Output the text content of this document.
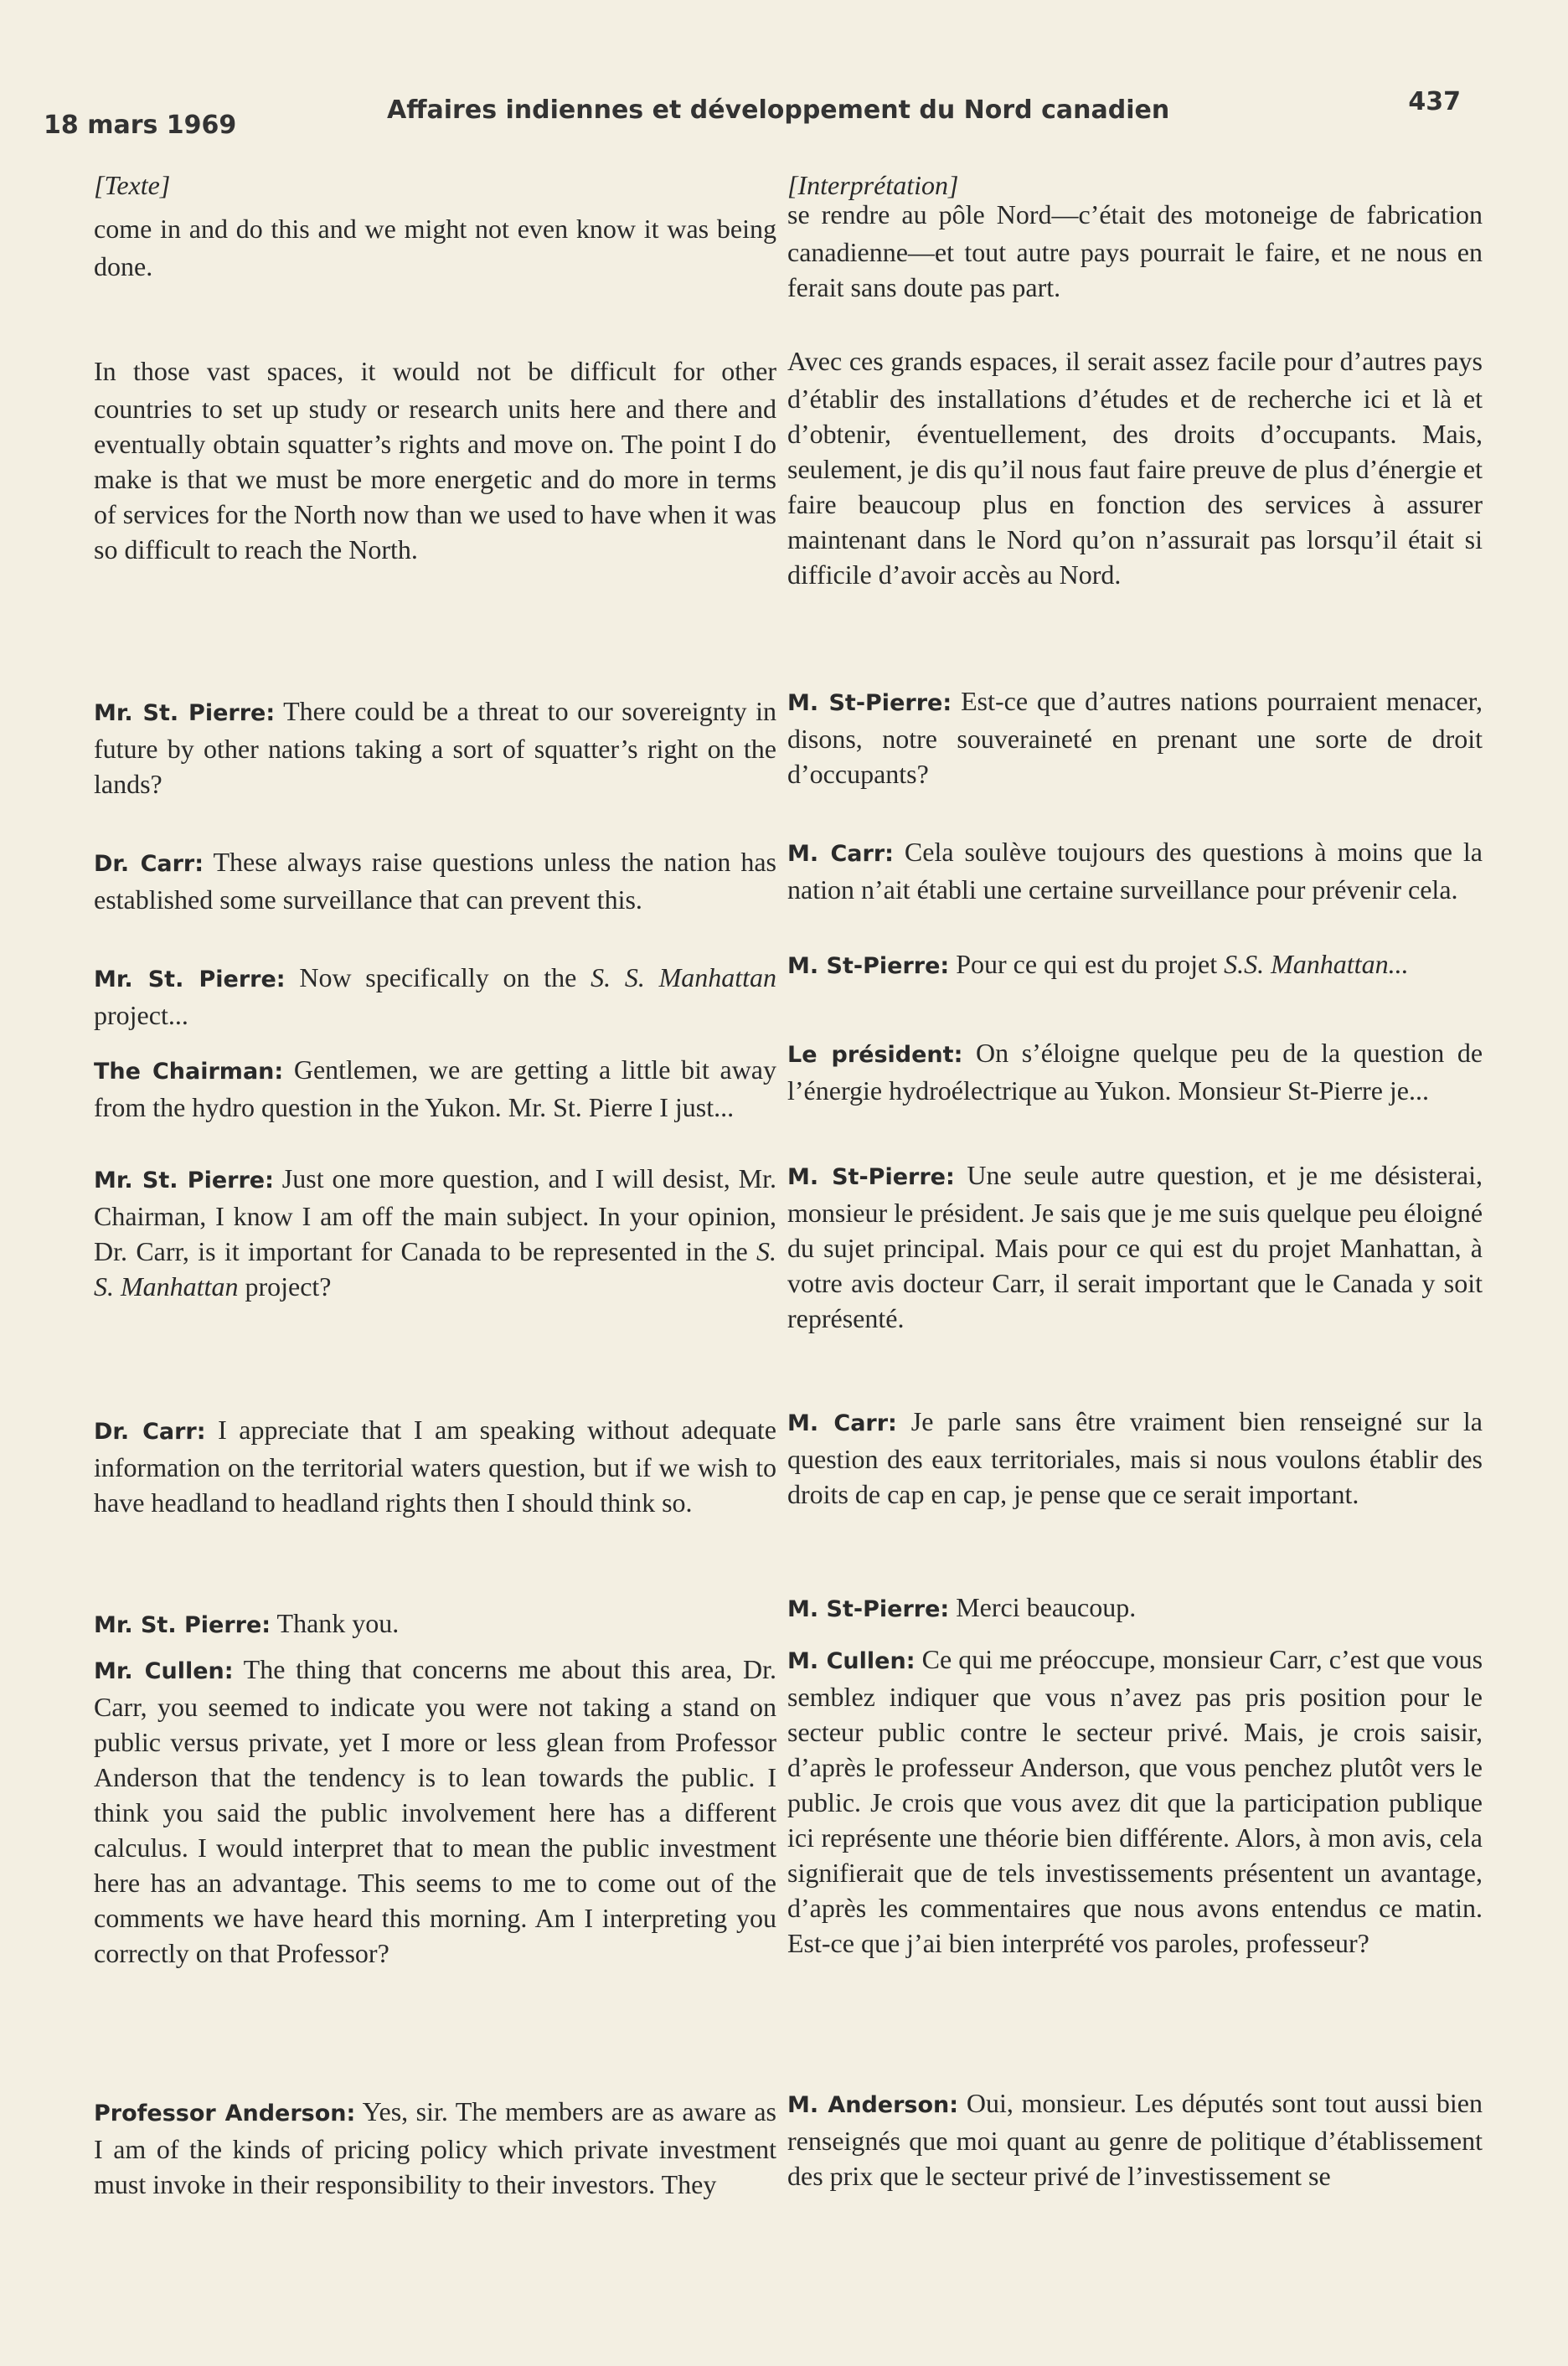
18 mars 1969
Affaires indiennes et développement du Nord canadien	437
[Texte]

come in and do this and we might not even know it was being done.

In those vast spaces, it would not be difficult for other countries to set up study or research units here and there and eventually obtain squatter’s rights and move on. The point I do make is that we must be more energetic and do more in terms of services for the North now than we used to have when it was so difficult to reach the North.

Mr. St. Pierre: There could be a threat to our sovereignty in future by other nations taking a sort of squatter’s right on the lands?

Dr. Carr: These always raise questions unless the nation has established some surveillance that can prevent this.

Mr. St. Pierre: Now specifically on the S. S. Manhattan project...

The Chairman: Gentlemen, we are getting a little bit away from the hydro question in the Yukon. Mr. St. Pierre I just...

Mr. St. Pierre: Just one more question, and I will desist, Mr. Chairman, I know I am off the main subject. In your opinion, Dr. Carr, is it important for Canada to be represented in the S. S. Manhattan project?

Dr. Carr: I appreciate that I am speaking without adequate information on the territorial waters question, but if we wish to have headland to headland rights then I should think so.

Mr. St. Pierre: Thank you.

Mr. Cullen: The thing that concerns me about this area, Dr. Carr, you seemed to indicate you were not taking a stand on public versus private, yet I more or less glean from Professor Anderson that the tendency is to lean towards the public. I think you said the public involvement here has a different calculus. I would interpret that to mean the public investment here has an advantage. This seems to me to come out of the comments we have heard this morning. Am I interpreting you correctly on that Professor?

Professor Anderson: Yes, sir. The members are as aware as I am of the kinds of pricing policy which private investment must invoke in their responsibility to their investors. They

[Interprétation]

se rendre au pôle Nord—c’était des motoneige de fabrication canadienne—et tout autre pays pourrait le faire, et ne nous en ferait sans doute pas part.

Avec ces grands espaces, il serait assez facile pour d’autres pays d’établir des installations d’études et de recherche ici et là et d’obtenir, éventuellement, des droits d’occupants. Mais, seulement, je dis qu’il nous faut faire preuve de plus d’énergie et faire beaucoup plus en fonction des services à assurer maintenant dans le Nord qu’on n’assurait pas lorsqu’il était si difficile d’avoir accès au Nord.

M. St-Pierre: Est-ce que d’autres nations pourraient menacer, disons, notre souveraineté en prenant une sorte de droit d’occupants?

M. Carr: Cela soulève toujours des questions à moins que la nation n’ait établi une certaine surveillance pour prévenir cela.

M. St-Pierre: Pour ce qui est du projet S.S. Manhattan...

Le président: On s’éloigne quelque peu de la question de l’énergie hydroélectrique au Yukon. Monsieur St-Pierre je...

M. St-Pierre: Une seule autre question, et je me désisterai, monsieur le président. Je sais que je me suis quelque peu éloigné du sujet principal. Mais pour ce qui est du projet Manhattan, à votre avis docteur Carr, il serait important que le Canada y soit représenté.

M. Carr: Je parle sans être vraiment bien renseigné sur la question des eaux territoriales, mais si nous voulons établir des droits de cap en cap, je pense que ce serait important.

M. St-Pierre: Merci beaucoup.

M. Cullen: Ce qui me préoccupe, monsieur Carr, c’est que vous semblez indiquer que vous n’avez pas pris position pour le secteur public contre le secteur privé. Mais, je crois saisir, d’après le professeur Anderson, que vous penchez plutôt vers le public. Je crois que vous avez dit que la participation publique ici représente une théorie bien différente. Alors, à mon avis, cela signifierait que de tels investissements présentent un avantage, d’après les commentaires que nous avons entendus ce matin. Est-ce que j’ai bien interprété vos paroles, professeur?

M. Anderson: Oui, monsieur. Les députés sont tout aussi bien renseignés que moi quant au genre de politique d’établissement des prix que le secteur privé de l’investissement se
